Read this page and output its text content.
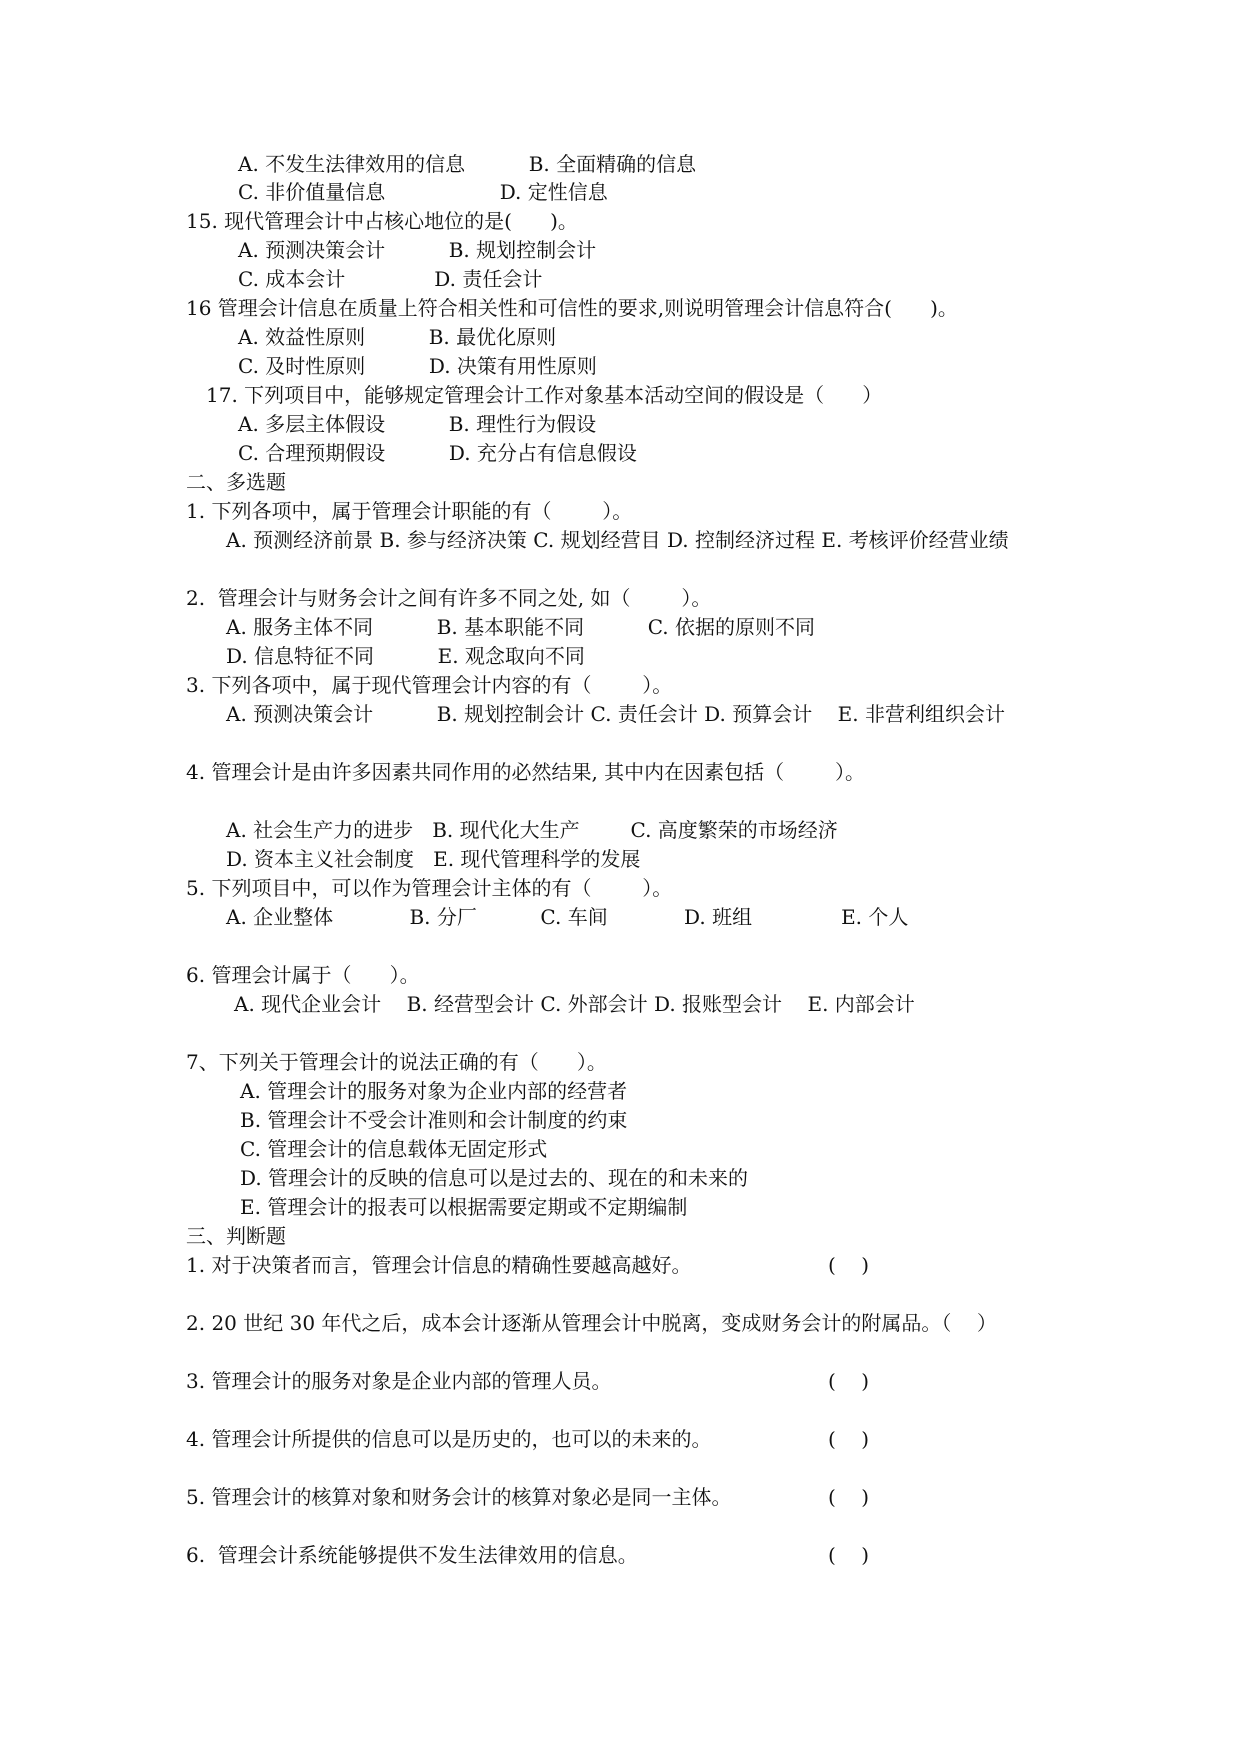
A. 不发生法律效用的信息          B. 全面精确的信息
C. 非价值量信息                  D. 定性信息
15. 现代管理会计中占核心地位的是(      )。
A. 预测决策会计          B. 规划控制会计
C. 成本会计              D. 责任会计
16 管理会计信息在质量上符合相关性和可信性的要求,则说明管理会计信息符合(      )。
A. 效益性原则          B. 最优化原则
C. 及时性原则          D. 决策有用性原则
17. 下列项目中，能够规定管理会计工作对象基本活动空间的假设是（      ）
A. 多层主体假设          B. 理性行为假设
C. 合理预期假设          D. 充分占有信息假设
二、多选题
1. 下列各项中，属于管理会计职能的有（        ）。
A. 预测经济前景 B. 参与经济决策 C. 规划经营目 D. 控制经济过程 E. 考核评价经营业绩
2.  管理会计与财务会计之间有许多不同之处, 如（        ）。
A. 服务主体不同          B. 基本职能不同          C. 依据的原则不同
D. 信息特征不同          E. 观念取向不同
3. 下列各项中，属于现代管理会计内容的有（        ）。
A. 预测决策会计          B. 规划控制会计 C. 责任会计 D. 预算会计    E. 非营利组织会计
4. 管理会计是由许多因素共同作用的必然结果, 其中内在因素包括（        ）。
A. 社会生产力的进步   B. 现代化大生产        C. 高度繁荣的市场经济
D. 资本主义社会制度   E. 现代管理科学的发展
5. 下列项目中，可以作为管理会计主体的有（        ）。
A. 企业整体            B. 分厂          C. 车间            D. 班组              E. 个人
6. 管理会计属于（      ）。
A. 现代企业会计    B. 经营型会计 C. 外部会计 D. 报账型会计    E. 内部会计
7、下列关于管理会计的说法正确的有（      ）。
A. 管理会计的服务对象为企业内部的经营者
B. 管理会计不受会计准则和会计制度的约束
C. 管理会计的信息载体无固定形式
D. 管理会计的反映的信息可以是过去的、现在的和未来的
E. 管理会计的报表可以根据需要定期或不定期编制
三、判断题
1. 对于决策者而言，管理会计信息的精确性要越高越好。	(    )
2. 20 世纪 30 年代之后，成本会计逐渐从管理会计中脱离，变成财务会计的附属品。（    ）
3. 管理会计的服务对象是企业内部的管理人员。	(    )
4. 管理会计所提供的信息可以是历史的，也可以的未来的。	(    )
5. 管理会计的核算对象和财务会计的核算对象必是同一主体。	(    )
6.  管理会计系统能够提供不发生法律效用的信息。	(    )
